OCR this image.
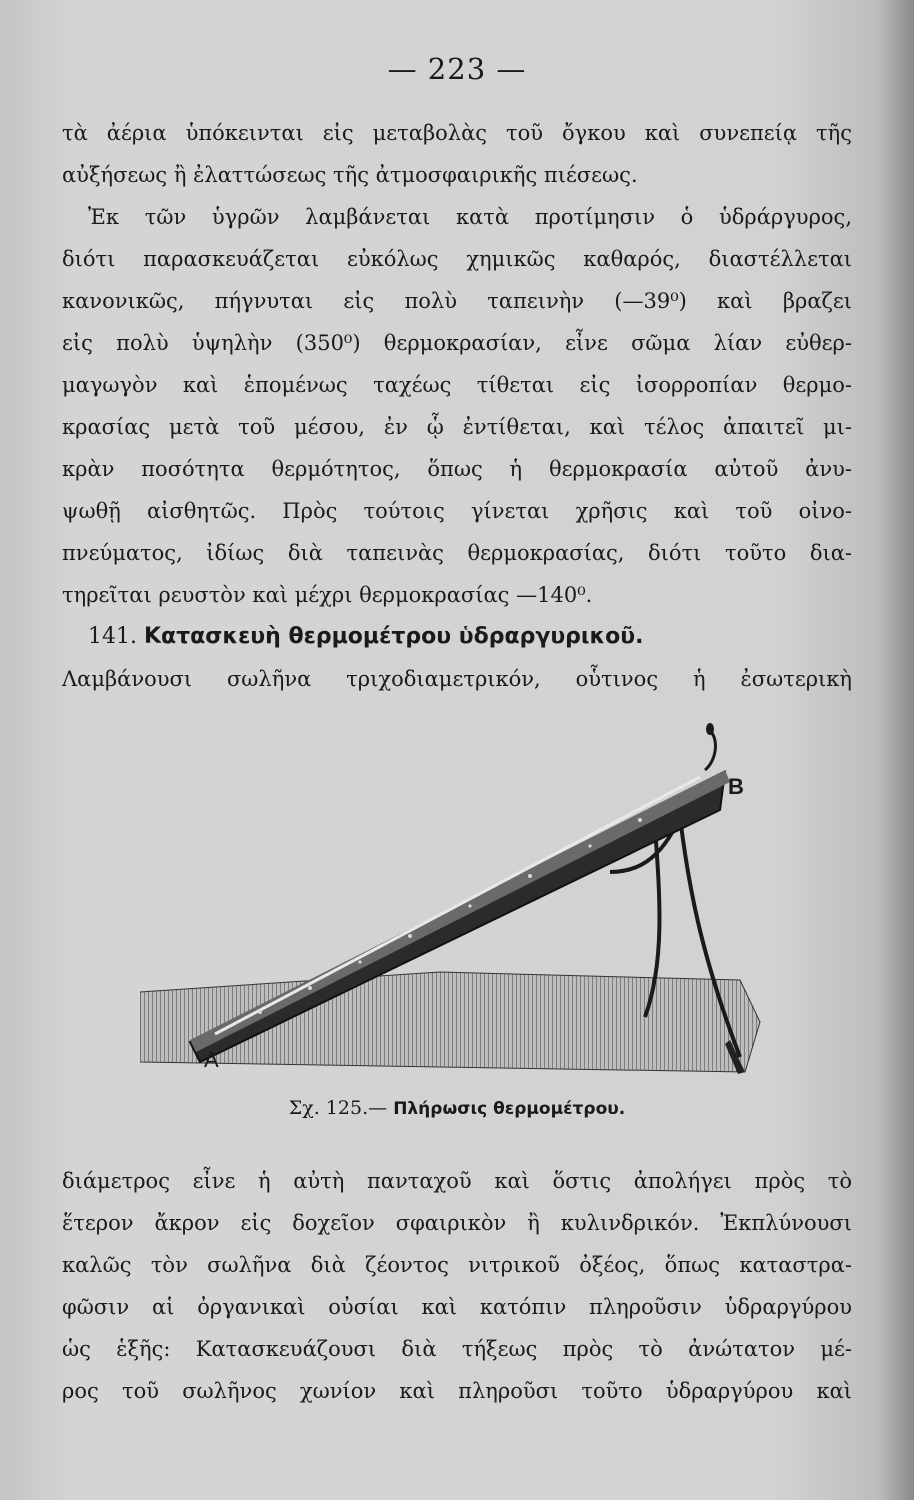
— 223 —
τὰ ἀέρια ὑπόκεινται εἰς μεταβολὰς τοῦ ὄγκου καὶ συνεπείᾳ τῆς
αὐξήσεως ἢ ἐλαττώσεως τῆς ἀτμοσφαιρικῆς πιέσεως.
Ἐκ τῶν ὑγρῶν λαμβάνεται κατὰ προτίμησιν ὁ ὑδράργυρος,
διότι παρασκευάζεται εὐκόλως χημικῶς καθαρός, διαστέλλεται
κανονικῶς, πήγνυται εἰς πολὺ ταπεινὴν (—39⁰) καὶ βραζει
εἰς πολὺ ὑψηλὴν (350⁰) θερμοκρασίαν, εἶνε σῶμα λίαν εὐθερ-
μαγωγὸν καὶ ἑπομένως ταχέως τίθεται εἰς ἰσορροπίαν θερμο-
κρασίας μετὰ τοῦ μέσου, ἐν ᾧ ἐντίθεται, καὶ τέλος ἀπαιτεῖ μι-
κρὰν ποσότητα θερμότητος, ὅπως ἡ θερμοκρασία αὐτοῦ ἀνυ-
ψωθῇ αἰσθητῶς. Πρὸς τούτοις γίνεται χρῆσις καὶ τοῦ οἰνο-
πνεύματος, ἰδίως διὰ ταπεινὰς θερμοκρασίας, διότι τοῦτο δια-
τηρεῖται ρευστὸν καὶ μέχρι θερμοκρασίας —140⁰.
141. Κατασκευὴ θερμομέτρου ὑδραργυρικοῦ.
Λαμβάνουσι σωλῆνα τριχοδιαμετρικόν, οὗτινος ἡ ἐσωτερικὴ
A
B
Σχ. 125.— Πλήρωσις θερμομέτρου.
διάμετρος εἶνε ἡ αὐτὴ πανταχοῦ καὶ ὅστις ἀπολήγει πρὸς τὸ
ἕτερον ἄκρον εἰς δοχεῖον σφαιρικὸν ἢ κυλινδρικόν. Ἐκπλύνουσι
καλῶς τὸν σωλῆνα διὰ ζέοντος νιτρικοῦ ὀξέος, ὅπως καταστρα-
φῶσιν αἱ ὀργανικαὶ οὐσίαι καὶ κατόπιν πληροῦσιν ὑδραργύρου
ὡς ἑξῆς: Κατασκευάζουσι διὰ τήξεως πρὸς τὸ ἀνώτατον μέ-
ρος τοῦ σωλῆνος χωνίον καὶ πληροῦσι τοῦτο ὑδραργύρου καὶ
